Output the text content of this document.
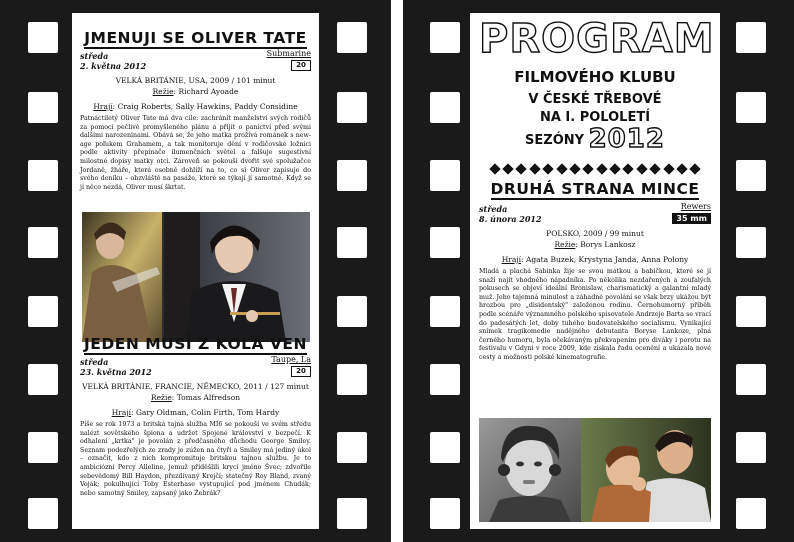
JMENUJI SE OLIVER TATE
středa
2. května 2012
Submarine
20
VELKÁ BRITÁNIE, USA, 2009 / 101 minut
Režie: Richard Ayoade
Hrají: Craig Roberts, Sally Hawkins, Paddy Considine
Patnáctiletý Oliver Tate má dva cíle: zachránit manželství svých rodičů za pomoci pečlivě promyšleného plánu a přijít o panictví před svými dalšími narozeninami. Obává se, že jeho matka prožívá románek s new-age poľukem Grahamem, a tak monitoruje dění v rodičovské ložnici podle aktivity přepínače ilumenčních světel a falšuje sugestivní milostné dopisy matky otci. Zároveň se pokouší dvořit své spolužačce Jordaně, žháře, která osobně dohlíží na to, co si Oliver zapisuje do svého deníku – obzvláště na pasáže, které se týkají jí samotné. Když se jí něco nezdá, Oliver musí škrtat.
JEDEN MUSÍ Z KOLA VEN
středa
23. května 2012
Taupe, La
20
VELKÁ BRITÁNIE, FRANCIE, NĚMECKO, 2011 / 127 minut
Režie: Tomas Alfredson
Hrají: Gary Oldman, Colin Firth, Tom Hardy
Píše se rok 1973 a britská tajná služba MI6 se pokouší ve svém středu nalézt sovětského špiona a udržet Spojené království v bezpečí. K odhalení „krtka" je povolán z předčasného důchodu George Smiley. Seznam podezřelých ze zrady je zúžen na čtyři a Smiley má jediný úkol – označit, kdo z nich kompromituje britskou tajnou službu. Je to ambiciózní Percy Alleline, jemuž příděšlili krycí jméno Švec; zdvořile sebevědomý Bill Haydon, přezdívaný Krejčí; statečný Roy Bland, zvaný Voják; pokulhující Toby Esterhase vystupující pod jménem Chudák; nebo samotný Smiley, zapsaný jako Žebrák?
PROGRAM
FILMOVÉHO KLUBU
V ČESKÉ TŘEBOVÉ
NA I. POLOLETÍ
SEZÓNY 2012
DRUHÁ STRANA MINCE
středa
8. února 2012
Rewers
35 mm
POLSKO, 2009 / 99 minut
Režie: Borys Lankosz
Hrají: Agata Buzek, Krystyna Janda, Anna Polony
Mladá a plachá Sabinka žije se svou matkou a babičkou, které se jí snaží najít vhodného nápadníka. Po několika nezdařených a zoufalých pokusech se objeví ideální Bronislaw, charismatický a galantní mladý muž. Jeho tajemná minulost a záhadné povolání se však brzy ukážou být hrozbou pro „disidentský" založenou rodinu. Černohumorný příběh podle scénáře významného polského spisovatele Andrzeje Barta se vrací do padesátých let, doby tuhého budovatelského socialismu. Vynikající snímek tragikomedie nadějného debutanta Boryse Lankoze, plná černého humoru, byla očekávaným překvapením pro diváky i porotu na festivalu v Gdyni v roce 2009, kde získala řadu ocenění a ukázala nové cesty a možnosti polské kinematografie.
